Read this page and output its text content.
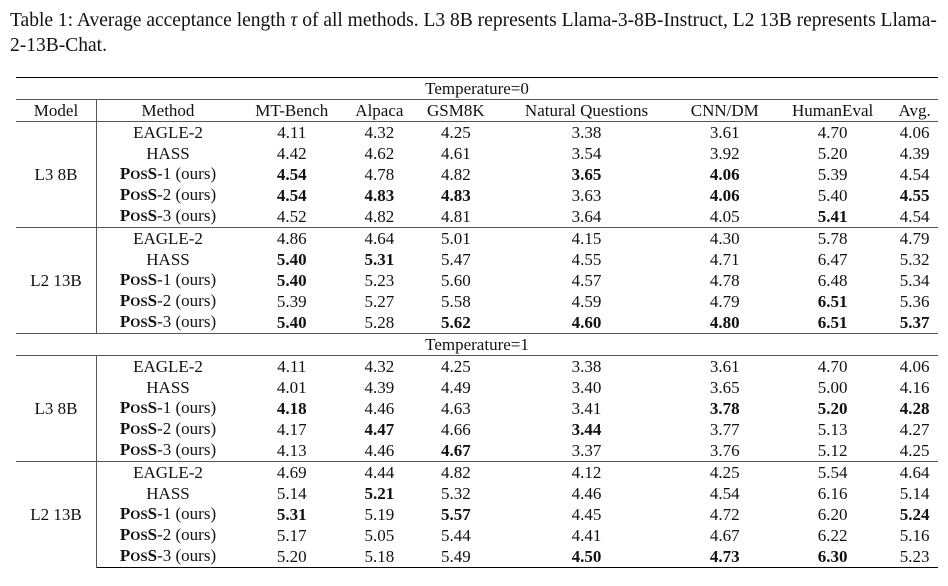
Table 1: Average acceptance length τ of all methods. L3 8B represents Llama-3-8B-Instruct, L2 13B represents Llama-2-13B-Chat.
Temperature=0								
Model	Method	MT-Bench	Alpaca	GSM8K	Natural Questions	CNN/DM	HumanEval	Avg.
L3 8B	EAGLE-2	4.11	4.32	4.25	3.38	3.61	4.70	4.06
	HASS	4.42	4.62	4.61	3.54	3.92	5.20	4.39
	POSS-1 (ours)	4.54	4.78	4.82	3.65	4.06	5.39	4.54
	POSS-2 (ours)	4.54	4.83	4.83	3.63	4.06	5.40	4.55
	POSS-3 (ours)	4.52	4.82	4.81	3.64	4.05	5.41	4.54
L2 13B	EAGLE-2	4.86	4.64	5.01	4.15	4.30	5.78	4.79
	HASS	5.40	5.31	5.47	4.55	4.71	6.47	5.32
	POSS-1 (ours)	5.40	5.23	5.60	4.57	4.78	6.48	5.34
	POSS-2 (ours)	5.39	5.27	5.58	4.59	4.79	6.51	5.36
	POSS-3 (ours)	5.40	5.28	5.62	4.60	4.80	6.51	5.37
Temperature=1								
L3 8B	EAGLE-2	4.11	4.32	4.25	3.38	3.61	4.70	4.06
	HASS	4.01	4.39	4.49	3.40	3.65	5.00	4.16
	POSS-1 (ours)	4.18	4.46	4.63	3.41	3.78	5.20	4.28
	POSS-2 (ours)	4.17	4.47	4.66	3.44	3.77	5.13	4.27
	POSS-3 (ours)	4.13	4.46	4.67	3.37	3.76	5.12	4.25
L2 13B	EAGLE-2	4.69	4.44	4.82	4.12	4.25	5.54	4.64
	HASS	5.14	5.21	5.32	4.46	4.54	6.16	5.14
	POSS-1 (ours)	5.31	5.19	5.57	4.45	4.72	6.20	5.24
	POSS-2 (ours)	5.17	5.05	5.44	4.41	4.67	6.22	5.16
	POSS-3 (ours)	5.20	5.18	5.49	4.50	4.73	6.30	5.23
